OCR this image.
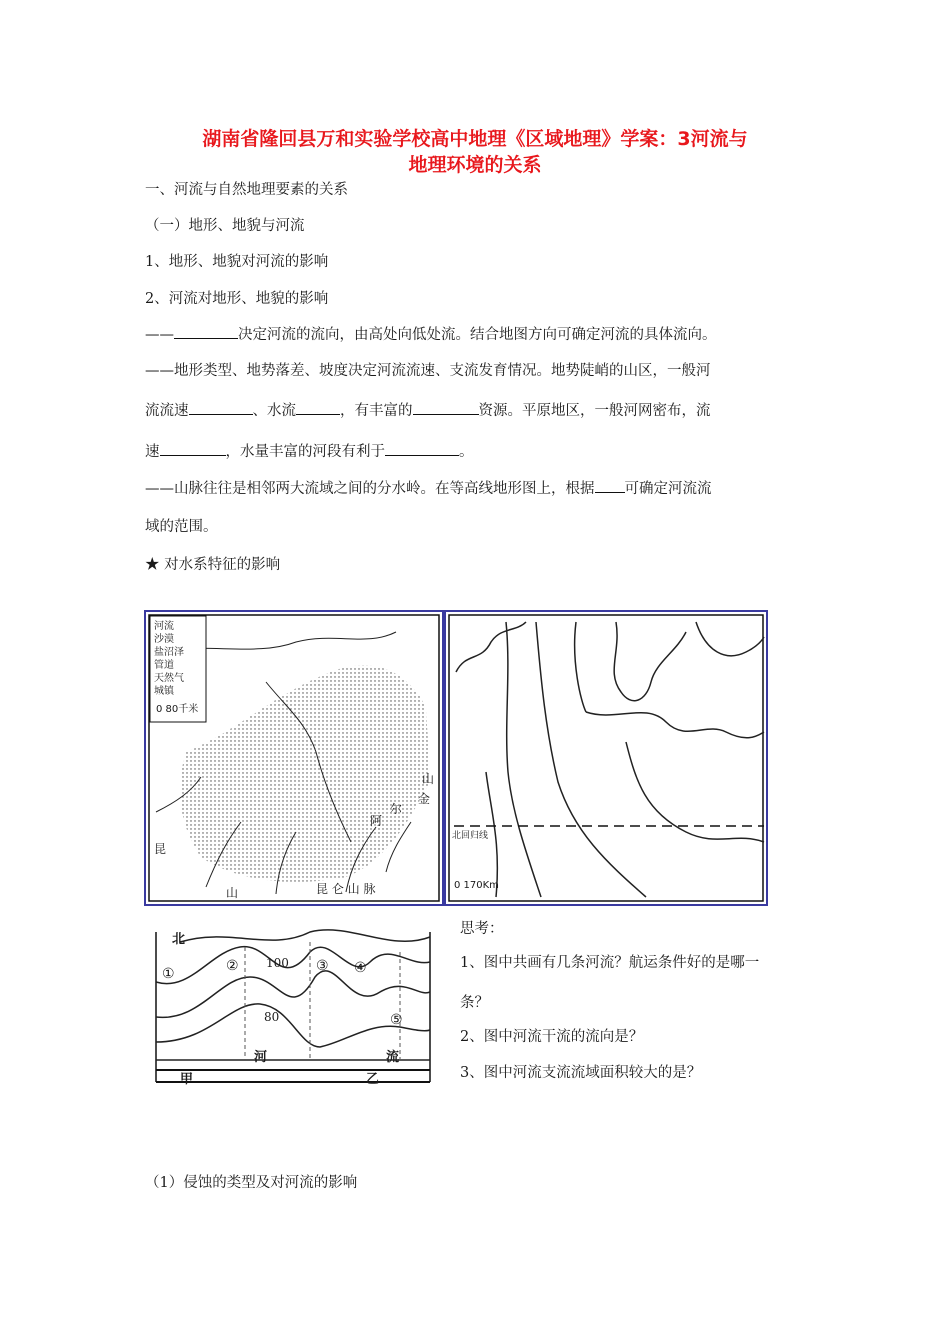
湖南省隆回县万和实验学校高中地理《区域地理》学案：3河流与
地理环境的关系
一、河流与自然地理要素的关系
（一）地形、地貌与河流
1、地形、地貌对河流的影响
2、河流对地形、地貌的影响
——	决定河流的流向，由高处向低处流。结合地图方向可确定河流的具体流向。
——地形类型、地势落差、坡度决定河流流速、支流发育情况。地势陡峭的山区，一般河
流流速	、水流	，有丰富的	资源。平原地区，一般河网密布，流
速	，水量丰富的河段有利于	。
——山脉往往是相邻两大流域之间的分水岭。在等高线地形图上，根据 可确定河流流
域的范围。
★ 对水系特征的影响
河流
沙漠
盐沼泽
管道
天然气
城镇
0 80千米
阿
尔
金
山
昆
山	昆 仑 山 脉
北回归线
0 170Km
北
①	②	③ ④
⑤
100
80
河	流
甲	乙
思考：
1、图中共画有几条河流？航运条件好的是哪一
条？
2、图中河流干流的流向是？
3、图中河流支流流域面积较大的是？
（1）侵蚀的类型及对河流的影响
